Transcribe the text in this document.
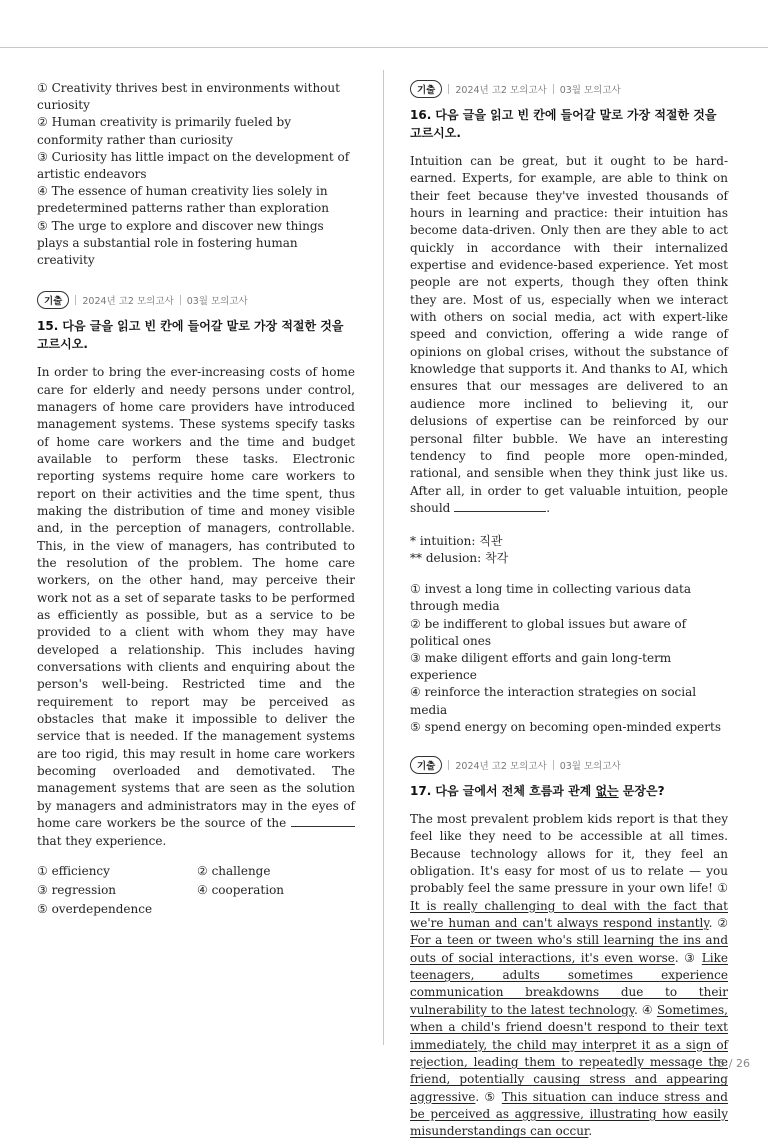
① Creativity thrives best in environments without curiosity
② Human creativity is primarily fueled by conformity rather than curiosity
③ Curiosity has little impact on the development of artistic endeavors
④ The essence of human creativity lies solely in predetermined patterns rather than exploration
⑤ The urge to explore and discover new things plays a substantial role in fostering human creativity
기출	2024년 고2 모의고사 03월 모의고사
15. 다음 글을 읽고 빈 칸에 들어갈 말로 가장 적절한 것을 고르시오.
In order to bring the ever-increasing costs of home care for elderly and needy persons under control, managers of home care providers have introduced management systems. These systems specify tasks of home care workers and the time and budget available to perform these tasks. Electronic reporting systems require home care workers to report on their activities and the time spent, thus making the distribution of time and money visible and, in the perception of managers, controllable. This, in the view of managers, has contributed to the resolution of the problem. The home care workers, on the other hand, may perceive their work not as a set of separate tasks to be performed as efficiently as possible, but as a service to be provided to a client with whom they may have developed a relationship. This includes having conversations with clients and enquiring about the person's well-being. Restricted time and the requirement to report may be perceived as obstacles that make it impossible to deliver the service that is needed. If the management systems are too rigid, this may result in home care workers becoming overloaded and demotivated. The management systems that are seen as the solution by managers and administrators may in the eyes of home care workers be the source of the  that they experience.
① efficiency	② challenge
③ regression	④ cooperation
⑤ overdependence
기출	2024년 고2 모의고사 03월 모의고사
16. 다음 글을 읽고 빈 칸에 들어갈 말로 가장 적절한 것을 고르시오.
Intuition can be great, but it ought to be hard-earned. Experts, for example, are able to think on their feet because they've invested thousands of hours in learning and practice: their intuition has become data-driven. Only then are they able to act quickly in accordance with their internalized expertise and evidence-based experience. Yet most people are not experts, though they often think they are. Most of us, especially when we interact with others on social media, act with expert-like speed and conviction, offering a wide range of opinions on global crises, without the substance of knowledge that supports it. And thanks to AI, which ensures that our messages are delivered to an audience more inclined to believing it, our delusions of expertise can be reinforced by our personal filter bubble. We have an interesting tendency to find people more open-minded, rational, and sensible when they think just like us. After all, in order to get valuable intuition, people should	.
* intuition: 직관
** delusion: 착각
① invest a long time in collecting various data through media
② be indifferent to global issues but aware of political ones
③ make diligent efforts and gain long-term experience
④ reinforce the interaction strategies on social media
⑤ spend energy on becoming open-minded experts
기출	2024년 고2 모의고사 03월 모의고사
17. 다음 글에서 전체 흐름과 관계 없는 문장은?
The most prevalent problem kids report is that they feel like they need to be accessible at all times. Because technology allows for it, they feel an obligation. It's easy for most of us to relate — you probably feel the same pressure in your own life! ① It is really challenging to deal with the fact that we're human and can't always respond instantly. ② For a teen or tween who's still learning the ins and outs of social interactions, it's even worse. ③ Like teenagers, adults sometimes experience communication breakdowns due to their vulnerability to the latest technology. ④ Sometimes, when a child's friend doesn't respond to their text immediately, the child may interpret it as a sign of rejection, leading them to repeatedly message the friend, potentially causing stress and appearing aggressive. ⑤ This situation can induce stress and be perceived as aggressive, illustrating how easily misunderstandings can occur.
5 / 26
